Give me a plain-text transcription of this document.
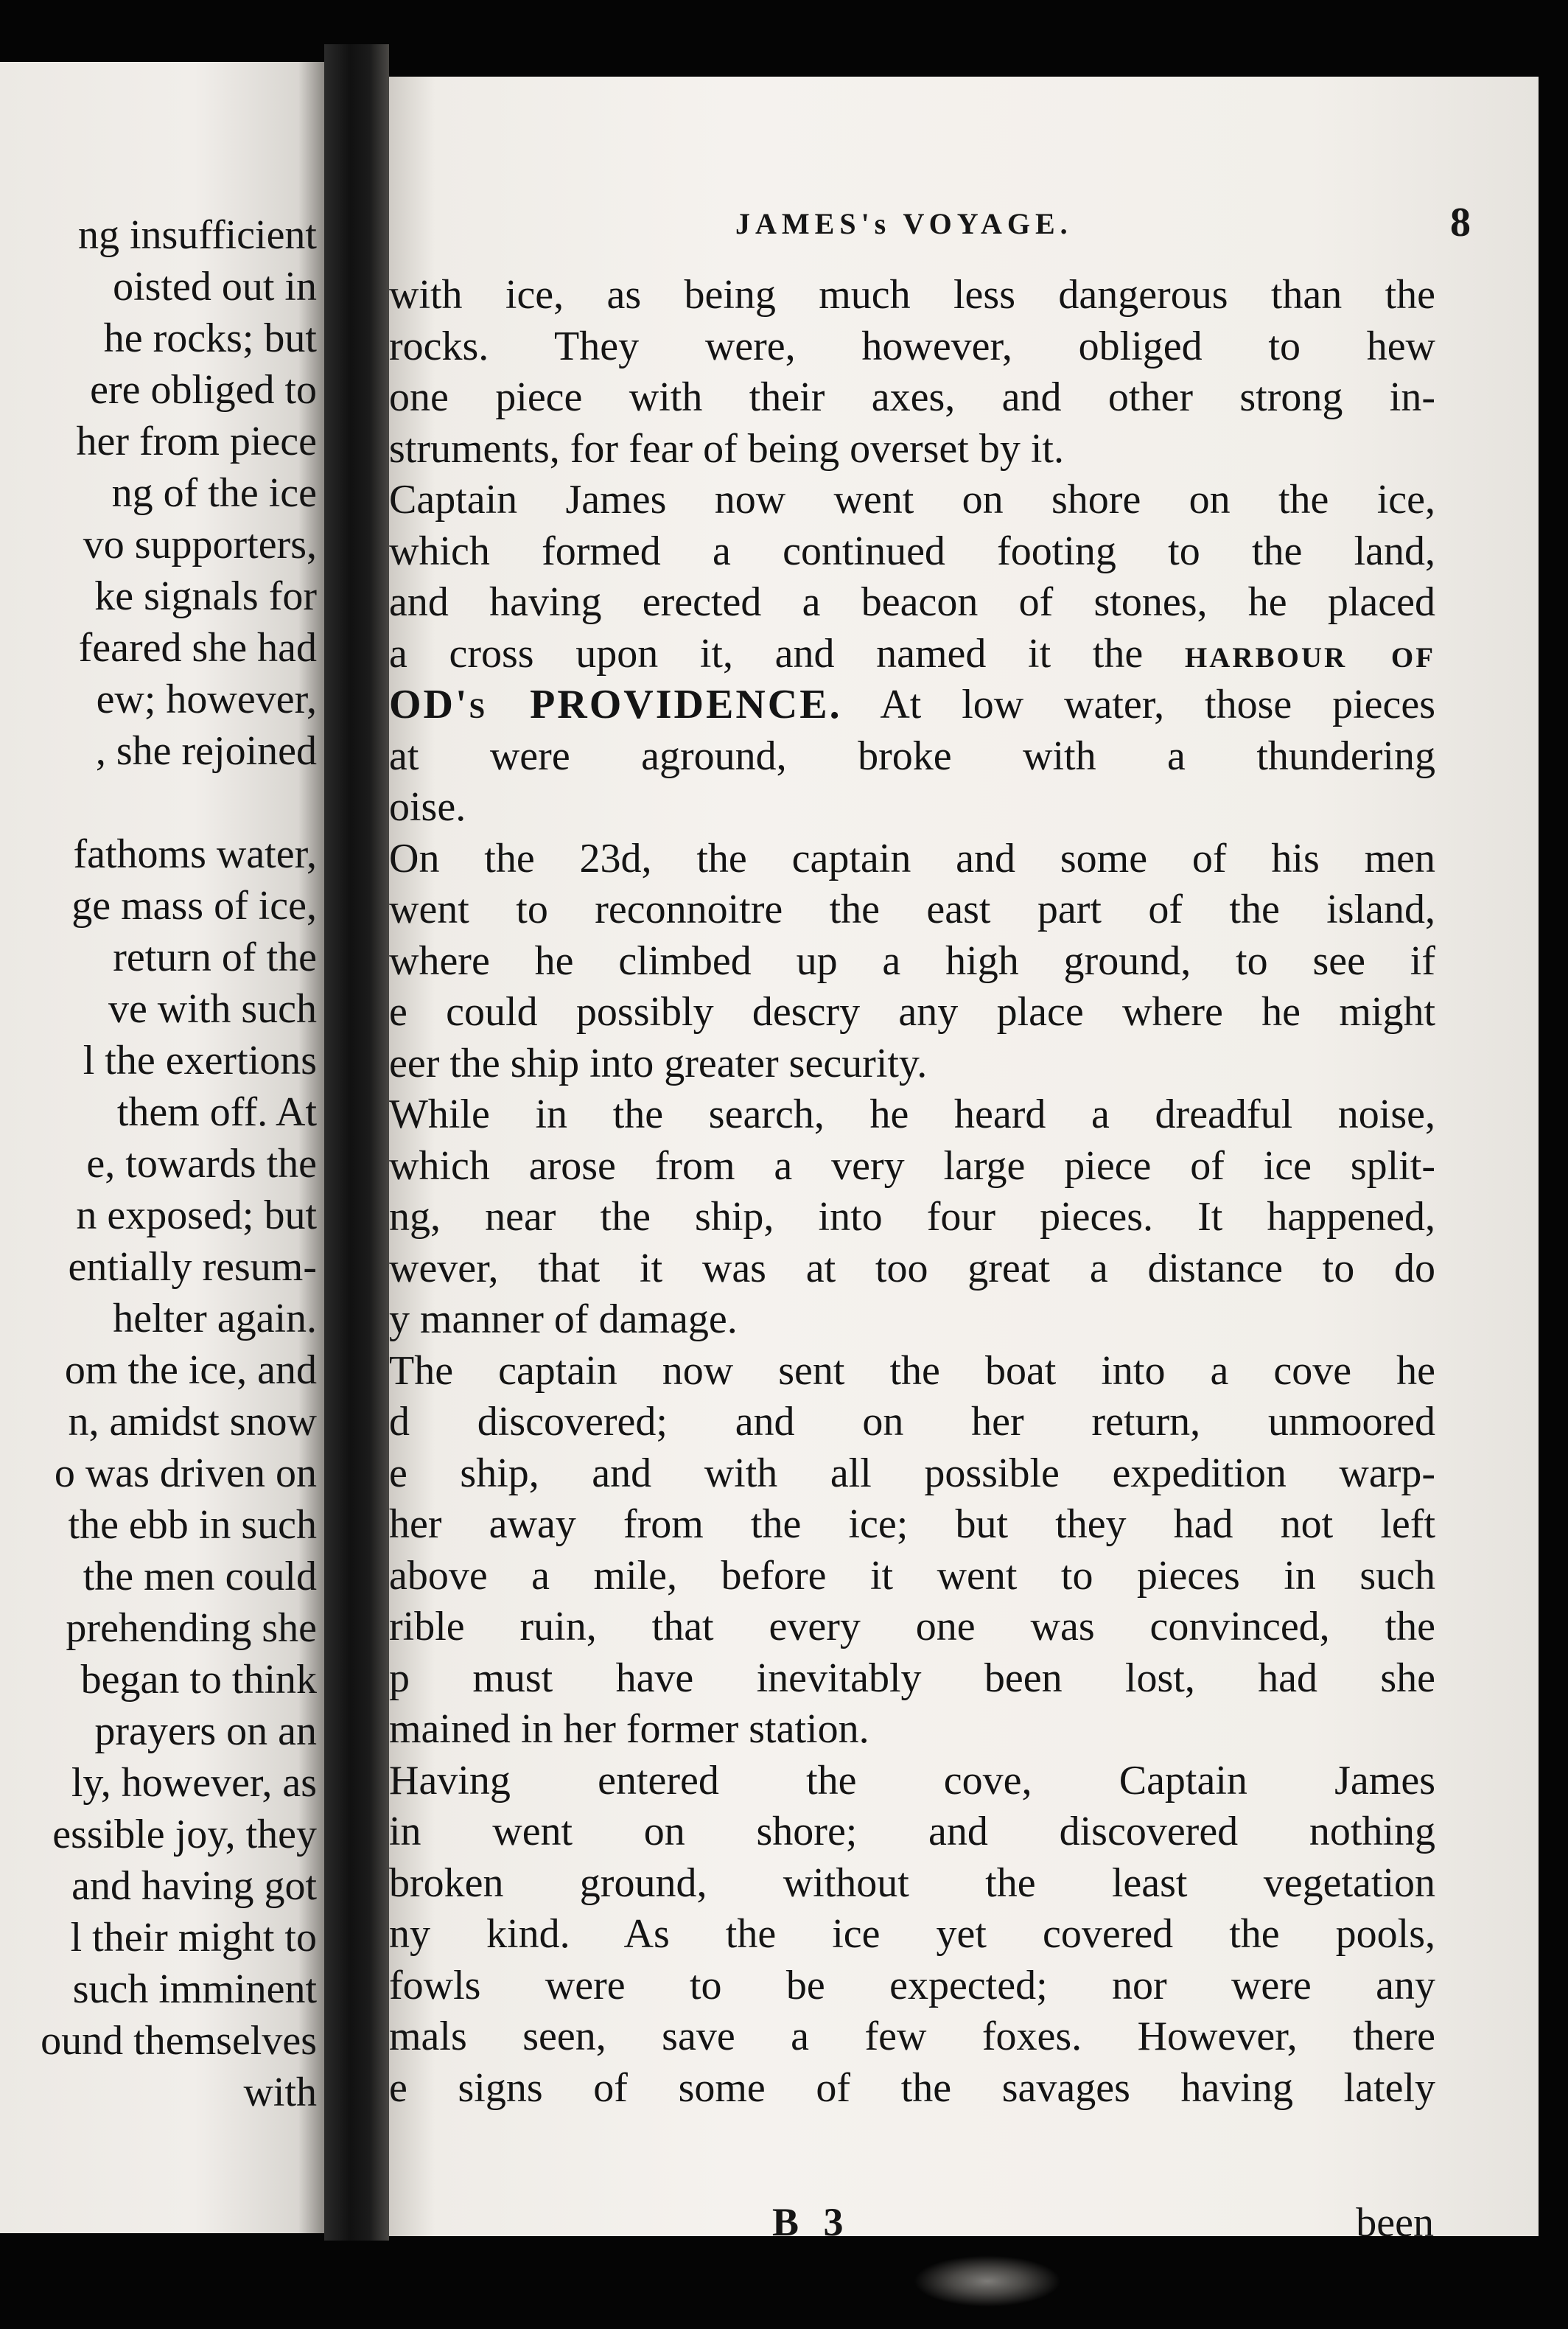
ng insufficient
oisted out in
he rocks; but
ere obliged to
her from piece
ng of the ice
vo supporters,
ke signals for
feared she had
ew; however,
, she rejoined

fathoms water,
ge mass of ice,
return of the
ve with such
l the exertions
them off. At
e, towards the
n exposed; but
entially resum-
helter again.
om the ice, and
n, amidst snow
o was driven on
the ebb in such
the men could
prehending she
began to think
prayers on an
ly, however, as
essible joy, they
and having got
l their might to
such imminent
ound themselves
with
JAMES's VOYAGE.	8
with ice, as being much less dangerous than the
rocks. They were, however, obliged to hew
one piece with their axes, and other strong in-
struments, for fear of being overset by it.
Captain James now went on shore on the ice,
which formed a continued footing to the land,
and having erected a beacon of stones, he placed
a cross upon it, and named it the harbour of
OD's PROVIDENCE. At low water, those pieces
at were aground, broke with a thundering
oise.
On the 23d, the captain and some of his men
went to reconnoitre the east part of the island,
where he climbed up a high ground, to see if
e could possibly descry any place where he might
eer the ship into greater security.
While in the search, he heard a dreadful noise,
which arose from a very large piece of ice split-
ng, near the ship, into four pieces. It happened,
wever, that it was at too great a distance to do
y manner of damage.
The captain now sent the boat into a cove he
d discovered; and on her return, unmoored
e ship, and with all possible expedition warp-
her away from the ice; but they had not left
above a mile, before it went to pieces in such
rible ruin, that every one was convinced, the
p must have inevitably been lost, had she
mained in her former station.
Having entered the cove, Captain James
in went on shore; and discovered nothing
broken ground, without the least vegetation
ny kind. As the ice yet covered the pools,
fowls were to be expected; nor were any
mals seen, save a few foxes. However, there
e signs of some of the savages having lately
B 3	been
